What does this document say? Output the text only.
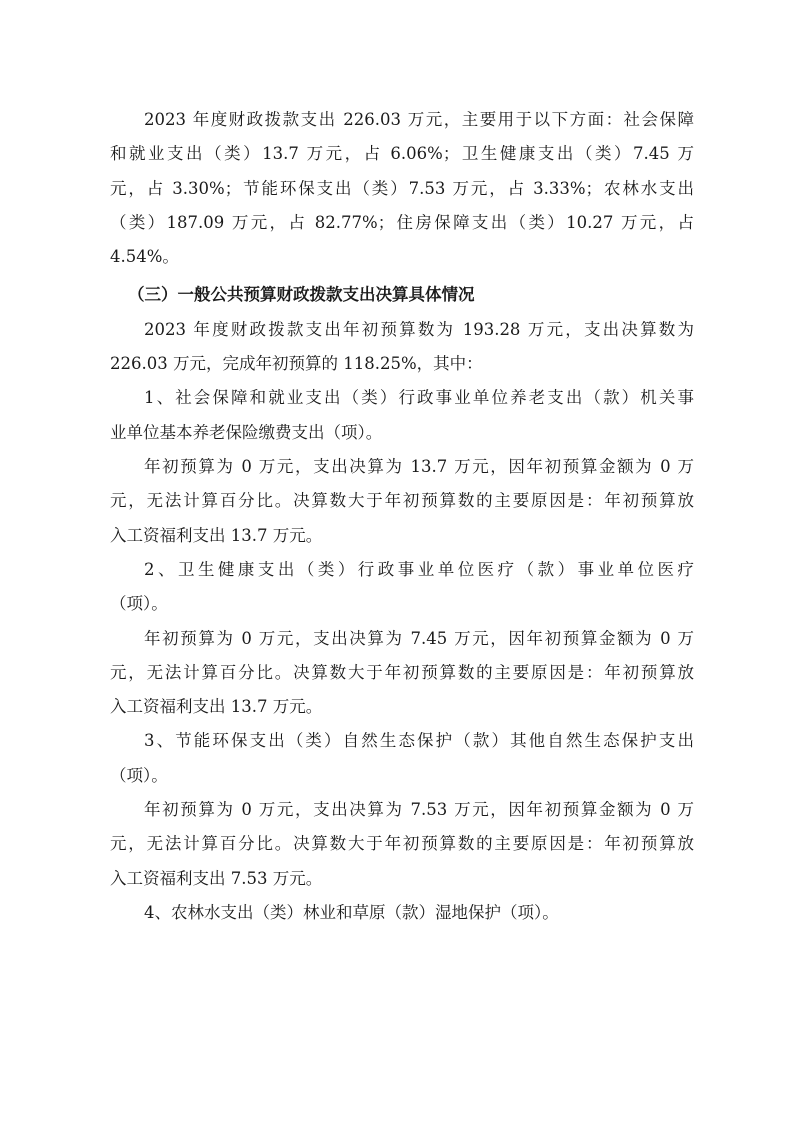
2023 年度财政拨款支出 226.03 万元，主要用于以下方面：社会保障
和就业支出（类）13.7 万元，占 6.06%；卫生健康支出（类）7.45 万
元，占 3.30%；节能环保支出（类）7.53 万元，占 3.33%；农林水支出
（类）187.09 万元，占 82.77%；住房保障支出（类）10.27 万元，占
4.54%。
（三）一般公共预算财政拨款支出决算具体情况
2023 年度财政拨款支出年初预算数为 193.28 万元，支出决算数为
226.03 万元，完成年初预算的 118.25%，其中：
1、社会保障和就业支出（类）行政事业单位养老支出（款）机关事
业单位基本养老保险缴费支出（项）。
年初预算为 0 万元，支出决算为 13.7 万元，因年初预算金额为 0 万
元，无法计算百分比。决算数大于年初预算数的主要原因是：年初预算放
入工资福利支出 13.7 万元。
2、卫生健康支出（类）行政事业单位医疗（款）事业单位医疗
（项）。
年初预算为 0 万元，支出决算为 7.45 万元，因年初预算金额为 0 万
元，无法计算百分比。决算数大于年初预算数的主要原因是：年初预算放
入工资福利支出 13.7 万元。
3、节能环保支出（类）自然生态保护（款）其他自然生态保护支出
（项）。
年初预算为 0 万元，支出决算为 7.53 万元，因年初预算金额为 0 万
元，无法计算百分比。决算数大于年初预算数的主要原因是：年初预算放
入工资福利支出 7.53 万元。
4、农林水支出（类）林业和草原（款）湿地保护（项）。
